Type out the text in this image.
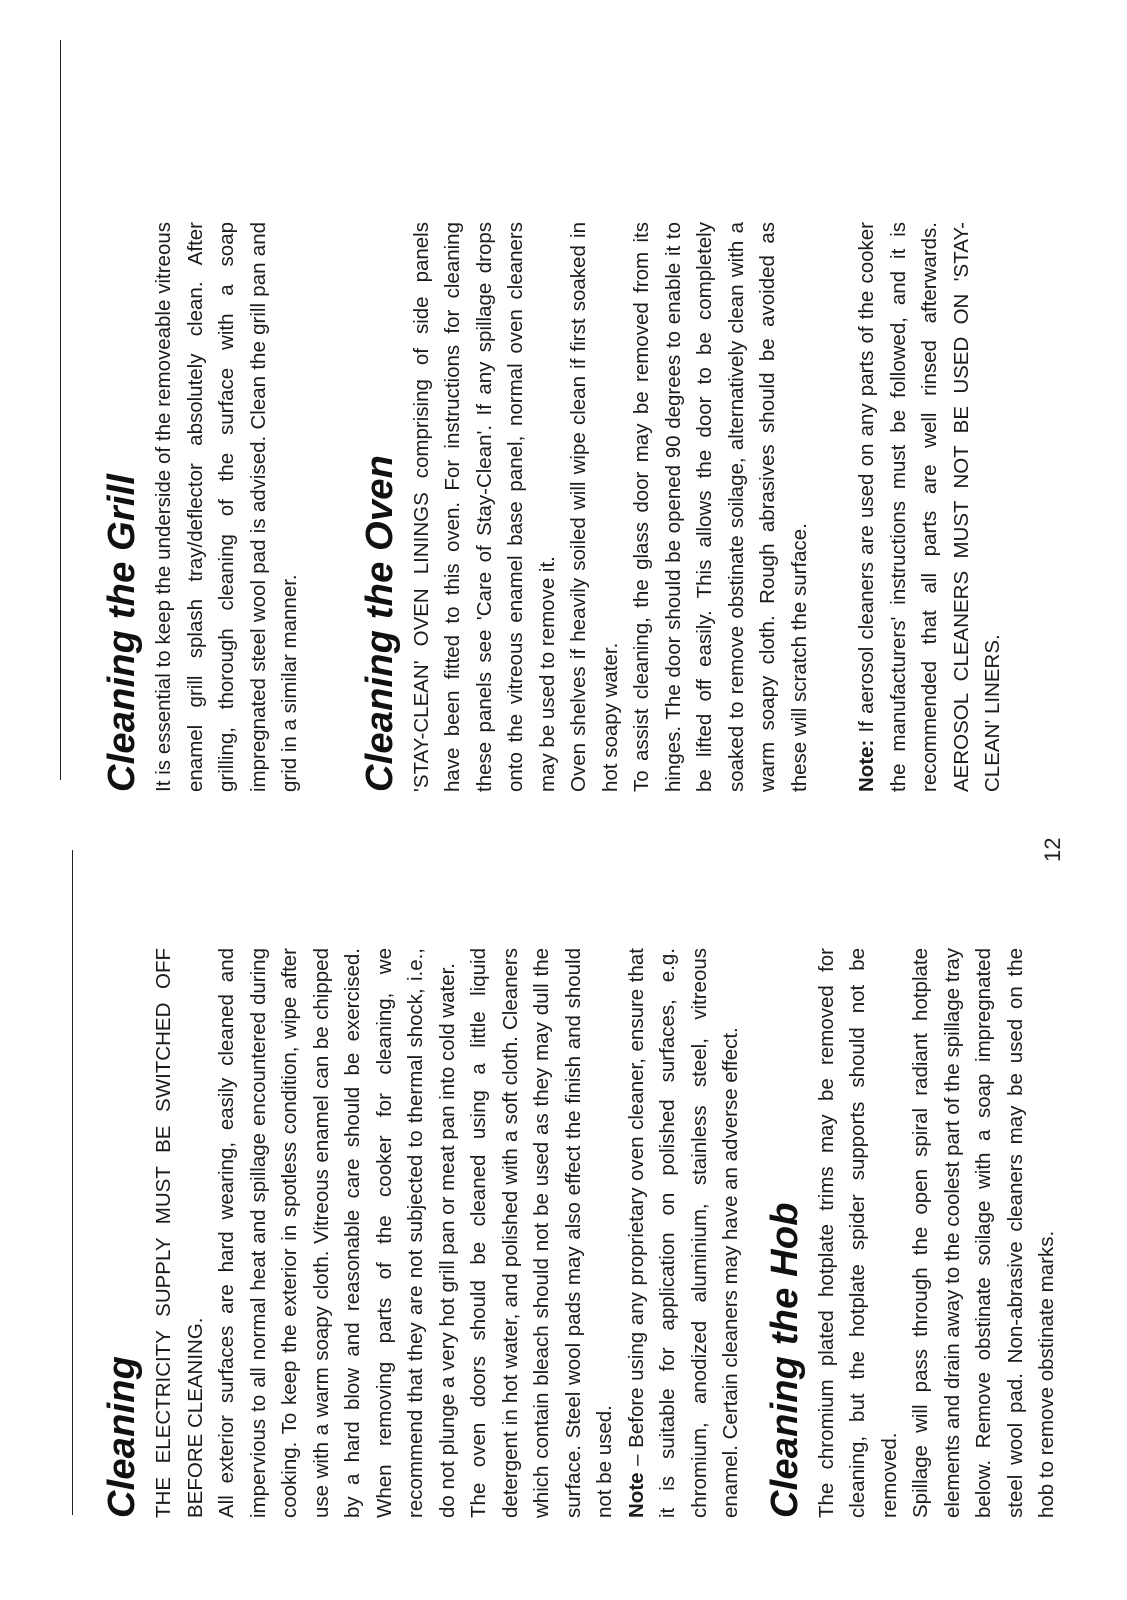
Cleaning THE ELECTRICITY SUPPLY MUST BE SWITCHED OFF BEFORE CLEANING. All exterior surfaces are hard wearing, easily cleaned and impervious to all normal heat and spillage encountered during cooking. To keep the exterior in spotless condition, wipe after use with a warm soapy cloth. Vitreous enamel can be chipped by a hard blow and reasonable care should be exercised. When removing parts of the cooker for cleaning, we recommend that they are not subjected to thermal shock, i.e., do not plunge a very hot grill pan or meat pan into cold water. The oven doors should be cleaned using a little liquid detergent in hot water, and polished with a soft cloth. Cleaners which contain bleach should not be used as they may dull the surface. Steel wool pads may also effect the finish and should not be used. Note – Before using any proprietary oven cleaner, ensure that it is suitable for application on polished surfaces, e.g. chromium, anodized aluminium, stainless steel, vitreous enamel. Certain cleaners may have an adverse effect. Cleaning the Hob The chromium plated hotplate trims may be removed for cleaning, but the hotplate spider supports should not be removed. Spillage will pass through the open spiral radiant hotplate elements and drain away to the coolest part of the spillage tray below. Remove obstinate soilage with a soap impregnated steel wool pad. Non-abrasive cleaners may be used on the hob to remove obstinate marks.

Cleaning the Grill It is essential to keep the underside of the removeable vitreous enamel grill splash tray/deflector absolutely clean. After grilling, thorough cleaning of the surface with a soap impregnated steel wool pad is advised. Clean the grill pan and grid in a similar manner. Cleaning the Oven 'STAY-CLEAN' OVEN LININGS comprising of side panels have been fitted to this oven. For instructions for cleaning these panels see 'Care of Stay-Clean'. If any spillage drops onto the vitreous enamel base panel, normal oven cleaners may be used to remove it. Oven shelves if heavily soiled will wipe clean if first soaked in hot soapy water. To assist cleaning, the glass door may be removed from its hinges. The door should be opened 90 degrees to enable it to be lifted off easily. This allows the door to be completely soaked to remove obstinate soilage, alternatively clean with a warm soapy cloth. Rough abrasives should be avoided as these will scratch the surface. Note: If aerosol cleaners are used on any parts of the cooker the manufacturers' instructions must be followed, and it is recommended that all parts are well rinsed afterwards. AEROSOL CLEANERS MUST NOT BE USED ON 'STAY-CLEAN' LINERS.

12
